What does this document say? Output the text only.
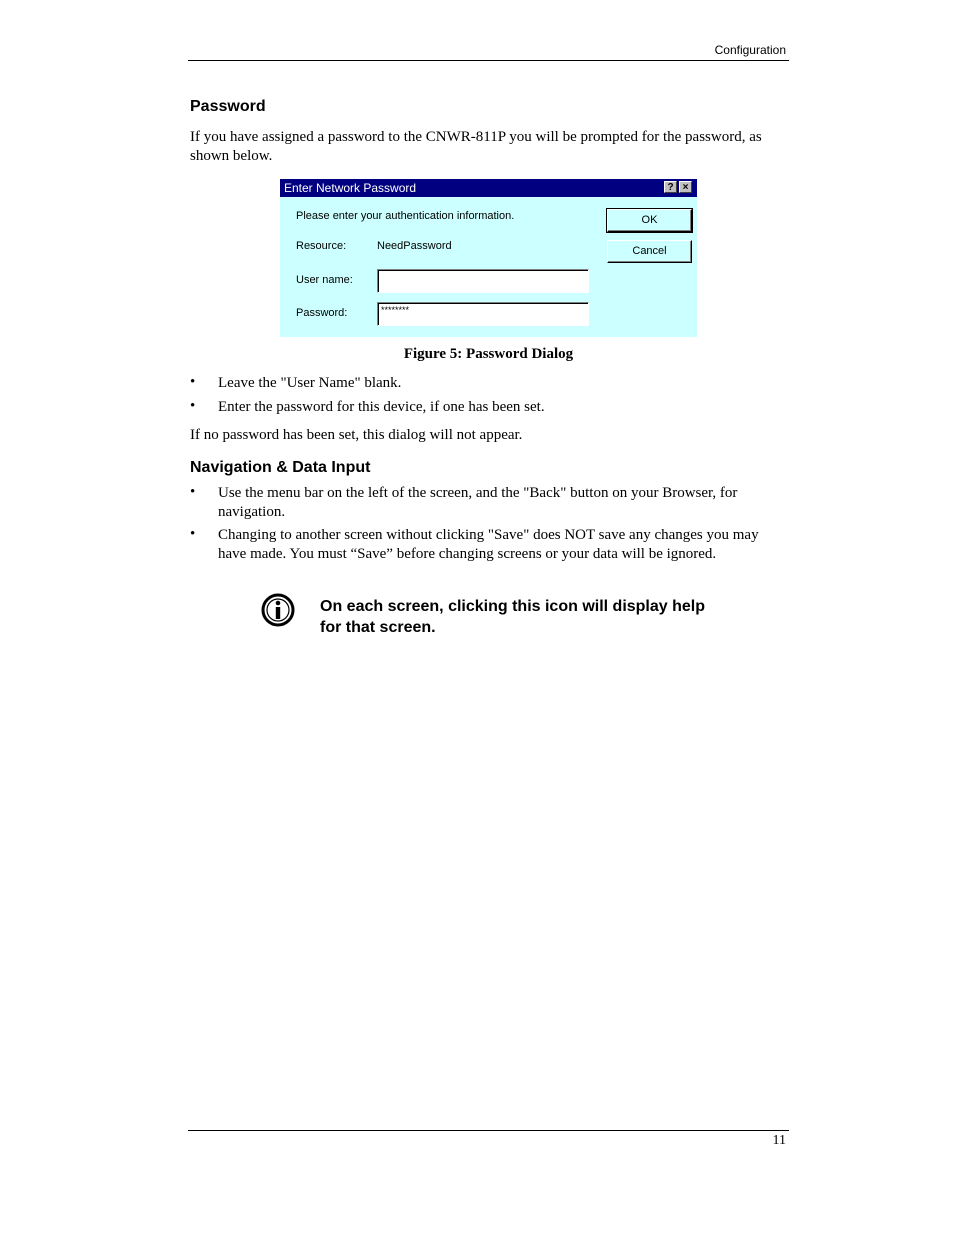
Configuration
Password
If you have assigned a password to the CNWR-811P you will be prompted for the password, as shown below.
Enter Network Password	? ×
Please enter your authentication information.
Resource:	NeedPassword
User name:
Password:	********
OK
Cancel
Figure 5: Password Dialog
• Leave the "User Name" blank.
• Enter the password for this device, if one has been set.
If no password has been set, this dialog will not appear.
Navigation & Data Input
• Use the menu bar on the left of the screen, and the "Back" button on your Browser, for navigation.
• Changing to another screen without clicking "Save" does NOT save any changes you may have made. You must “Save” before changing screens or your data will be ignored.
On each screen, clicking this icon will display help for that screen.
11
